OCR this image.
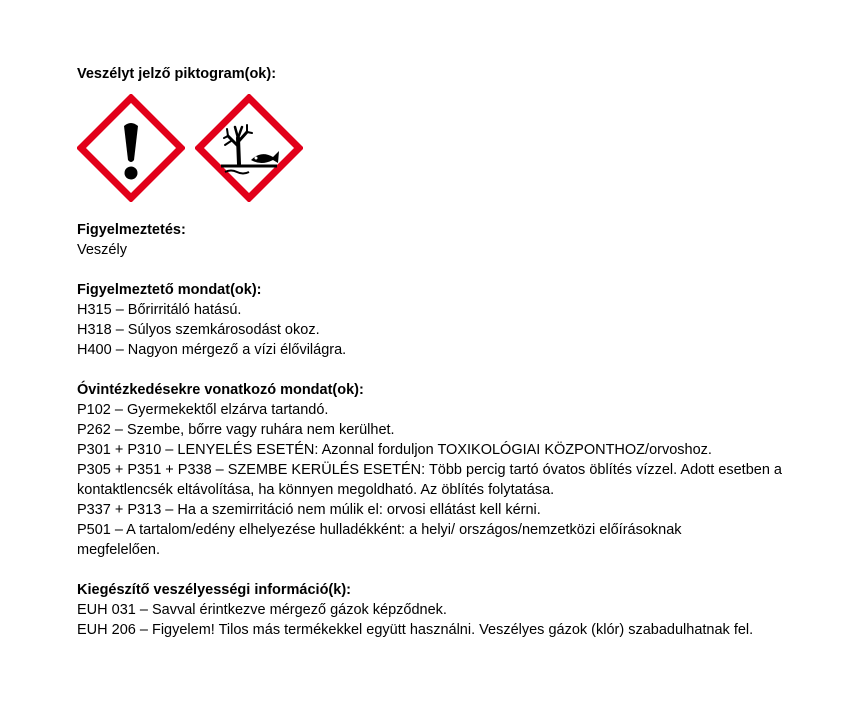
Veszélyt jelző piktogram(ok):

Figyelmeztetés:

Veszély

Figyelmeztető mondat(ok):

H315 – Bőrirritáló hatású.

H318 – Súlyos szemkárosodást okoz.

H400 – Nagyon mérgező a vízi élővilágra.

Óvintézkedésekre vonatkozó mondat(ok):

P102 – Gyermekektől elzárva tartandó.

P262 – Szembe, bőrre vagy ruhára nem kerülhet.

P301 + P310 – LENYELÉS ESETÉN: Azonnal forduljon TOXIKOLÓGIAI KÖZPONTHOZ/orvoshoz.

P305 + P351 + P338 – SZEMBE KERÜLÉS ESETÉN: Több percig tartó óvatos öblítés vízzel. Adott esetben a kontaktlencsék eltávolítása, ha könnyen megoldható. Az öblítés folytatása.

P337 + P313 – Ha a szemirritáció nem múlik el: orvosi ellátást kell kérni.

P501 – A tartalom/edény elhelyezése hulladékként: a helyi/ országos/nemzetközi előírásoknak megfelelően.

Kiegészítő veszélyességi információ(k):

EUH 031 – Savval érintkezve mérgező gázok képződnek.

EUH 206 – Figyelem! Tilos más termékekkel együtt használni. Veszélyes gázok (klór) szabadulhatnak fel.
